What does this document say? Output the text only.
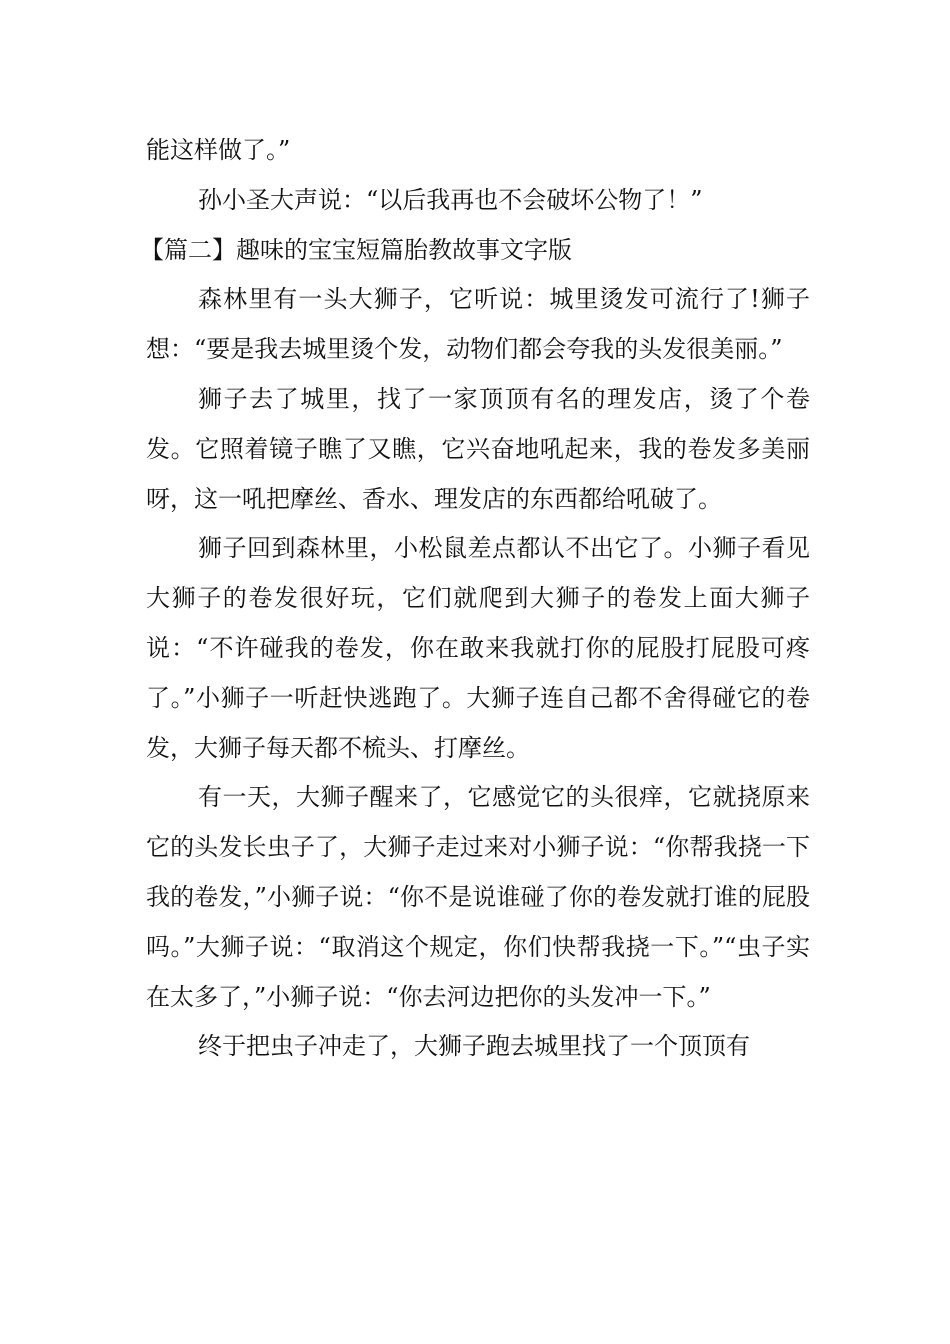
能这样做了。”

孙小圣大声说：“以后我再也不会破坏公物了！”

【篇二】趣味的宝宝短篇胎教故事文字版

森林里有一头大狮子，它听说：城里烫发可流行了!狮子想：“要是我去城里烫个发，动物们都会夸我的头发很美丽。”

狮子去了城里，找了一家顶顶有名的理发店，烫了个卷发。它照着镜子瞧了又瞧，它兴奋地吼起来，我的卷发多美丽呀，这一吼把摩丝、香水、理发店的东西都给吼破了。

狮子回到森林里，小松鼠差点都认不出它了。小狮子看见大狮子的卷发很好玩，它们就爬到大狮子的卷发上面大狮子说：“不许碰我的卷发，你在敢来我就打你的屁股打屁股可疼了。”小狮子一听赶快逃跑了。大狮子连自己都不舍得碰它的卷发，大狮子每天都不梳头、打摩丝。

有一天，大狮子醒来了，它感觉它的头很痒，它就挠原来它的头发长虫子了，大狮子走过来对小狮子说：“你帮我挠一下我的卷发，”小狮子说：“你不是说谁碰了你的卷发就打谁的屁股吗。”大狮子说：“取消这个规定，你们快帮我挠一下。”“虫子实在太多了，”小狮子说：“你去河边把你的头发冲一下。”

终于把虫子冲走了，大狮子跑去城里找了一个顶顶有
